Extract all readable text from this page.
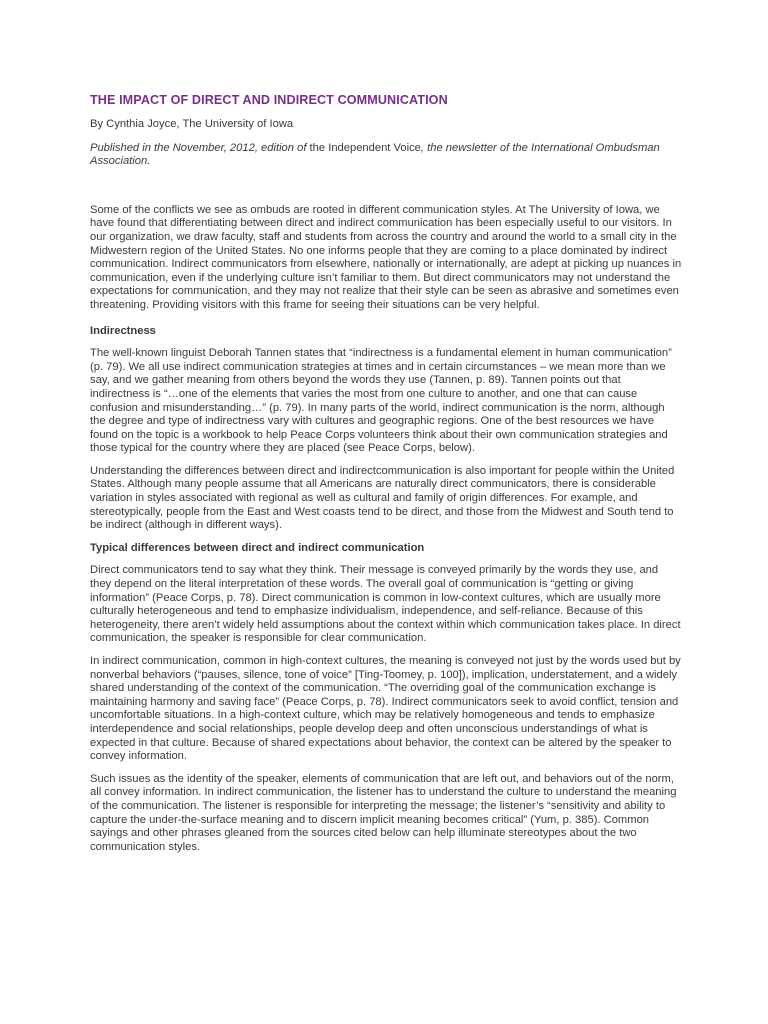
THE IMPACT OF DIRECT AND INDIRECT COMMUNICATION

By Cynthia Joyce, The University of Iowa

Published in the November, 2012, edition of the Independent Voice, the newsletter of the International Ombudsman Association.

Some of the conflicts we see as ombuds are rooted in different communication styles. At The University of Iowa, we have found that differentiating between direct and indirect communication has been especially useful to our visitors. In our organization, we draw faculty, staff and students from across the country and around the world to a small city in the Midwestern region of the United States. No one informs people that they are coming to a place dominated by indirect communication. Indirect communicators from elsewhere, nationally or internationally, are adept at picking up nuances in communication, even if the underlying culture isn’t familiar to them. But direct communicators may not understand the expectations for communication, and they may not realize that their style can be seen as abrasive and sometimes even threatening. Providing visitors with this frame for seeing their situations can be very helpful.

Indirectness

The well-known linguist Deborah Tannen states that “indirectness is a fundamental element in human communication” (p. 79). We all use indirect communication strategies at times and in certain circumstances – we mean more than we say, and we gather meaning from others beyond the words they use (Tannen, p. 89). Tannen points out that indirectness is “…one of the elements that varies the most from one culture to another, and one that can cause confusion and misunderstanding…” (p. 79). In many parts of the world, indirect communication is the norm, although the degree and type of indirectness vary with cultures and geographic regions. One of the best resources we have found on the topic is a workbook to help Peace Corps volunteers think about their own communication strategies and those typical for the country where they are placed (see Peace Corps, below).

Understanding the differences between direct and indirectcommunication is also important for people within the United States. Although many people assume that all Americans are naturally direct communicators, there is considerable variation in styles associated with regional as well as cultural and family of origin differences. For example, and stereotypically, people from the East and West coasts tend to be direct, and those from the Midwest and South tend to be indirect (although in different ways).

Typical differences between direct and indirect communication

Direct communicators tend to say what they think. Their message is conveyed primarily by the words they use, and they depend on the literal interpretation of these words. The overall goal of communication is “getting or giving information” (Peace Corps, p. 78). Direct communication is common in low-context cultures, which are usually more culturally heterogeneous and tend to emphasize individualism, independence, and self-reliance. Because of this heterogeneity, there aren’t widely held assumptions about the context within which communication takes place. In direct communication, the speaker is responsible for clear communication.

In indirect communication, common in high-context cultures, the meaning is conveyed not just by the words used but by nonverbal behaviors (“pauses, silence, tone of voice” [Ting-Toomey, p. 100]), implication, understatement, and a widely shared understanding of the context of the communication. “The overriding goal of the communication exchange is maintaining harmony and saving face” (Peace Corps, p. 78). Indirect communicators seek to avoid conflict, tension and uncomfortable situations. In a high-context culture, which may be relatively homogeneous and tends to emphasize interdependence and social relationships, people develop deep and often unconscious understandings of what is expected in that culture. Because of shared expectations about behavior, the context can be altered by the speaker to convey information.

Such issues as the identity of the speaker, elements of communication that are left out, and behaviors out of the norm, all convey information. In indirect communication, the listener has to understand the culture to understand the meaning of the communication. The listener is responsible for interpreting the message; the listener’s “sensitivity and ability to capture the under-the-surface meaning and to discern implicit meaning becomes critical” (Yum, p. 385). Common sayings and other phrases gleaned from the sources cited below can help illuminate stereotypes about the two communication styles.
